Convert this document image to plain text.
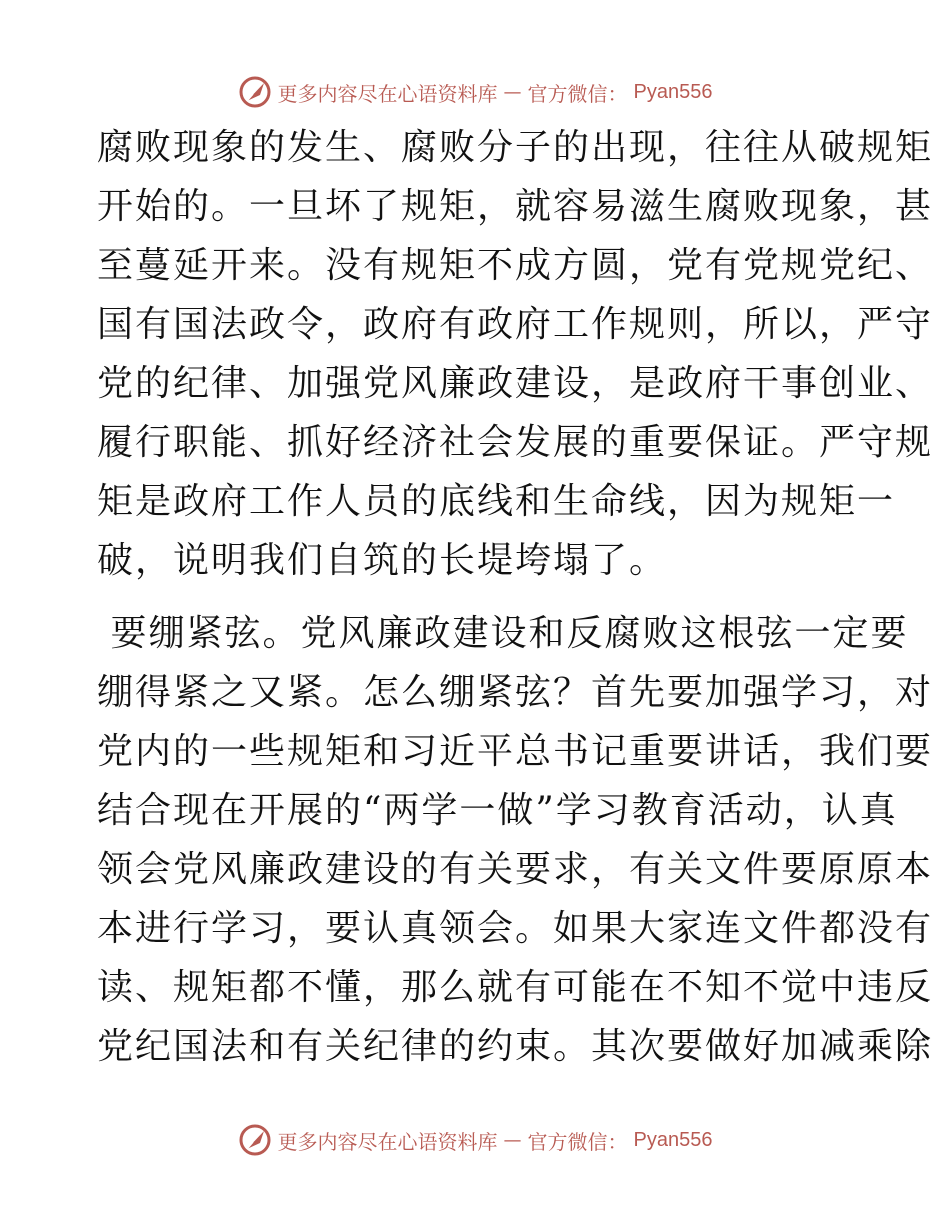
更多内容尽在心语资料库 — 官方微信： Pyan556
腐败现象的发生、腐败分子的出现，往往从破规矩
开始的。一旦坏了规矩，就容易滋生腐败现象，甚
至蔓延开来。没有规矩不成方圆，党有党规党纪、
国有国法政令，政府有政府工作规则，所以，严守
党的纪律、加强党风廉政建设，是政府干事创业、
履行职能、抓好经济社会发展的重要保证。严守规
矩是政府工作人员的底线和生命线，因为规矩一
破，说明我们自筑的长堤垮塌了。
要绷紧弦。党风廉政建设和反腐败这根弦一定要
绷得紧之又紧。怎么绷紧弦？首先要加强学习，对
党内的一些规矩和习近平总书记重要讲话，我们要
结合现在开展的“两学一做”学习教育活动，认真
领会党风廉政建设的有关要求，有关文件要原原本
本进行学习，要认真领会。如果大家连文件都没有
读、规矩都不懂，那么就有可能在不知不觉中违反
党纪国法和有关纪律的约束。其次要做好加减乘除
更多内容尽在心语资料库 — 官方微信： Pyan556
